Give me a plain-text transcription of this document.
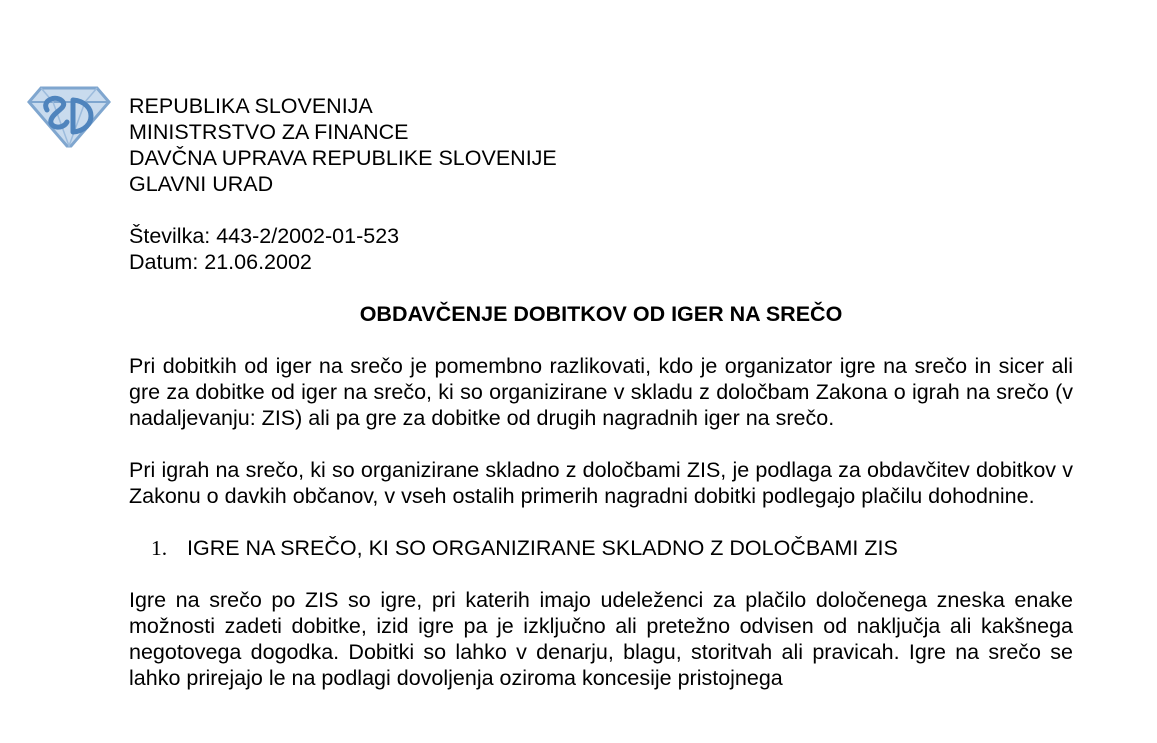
REPUBLIKA SLOVENIJA
MINISTRSTVO ZA FINANCE
DAVČNA UPRAVA REPUBLIKE SLOVENIJE
GLAVNI URAD
Številka: 443-2/2002-01-523
Datum: 21.06.2002
OBDAVČENJE DOBITKOV OD IGER NA SREČO

Pri dobitkih od iger na srečo je pomembno razlikovati, kdo je organizator igre na srečo in sicer ali gre za dobitke od iger na srečo, ki so organizirane v skladu z določbam Zakona o igrah na srečo (v nadaljevanju: ZIS) ali pa gre za dobitke od drugih nagradnih iger na srečo.

Pri igrah na srečo, ki so organizirane skladno z določbami ZIS, je podlaga za obdavčitev dobitkov v Zakonu o davkih občanov, v vseh ostalih primerih nagradni dobitki podlegajo plačilu dohodnine.

1. IGRE NA SREČO, KI SO ORGANIZIRANE SKLADNO Z DOLOČBAMI ZIS

Igre na srečo po ZIS so igre, pri katerih imajo udeleženci za plačilo določenega zneska enake možnosti zadeti dobitke, izid igre pa je izključno ali pretežno odvisen od naključja ali kakšnega negotovega dogodka. Dobitki so lahko v denarju, blagu, storitvah ali pravicah. Igre na srečo se lahko prirejajo le na podlagi dovoljenja oziroma koncesije pristojnega
